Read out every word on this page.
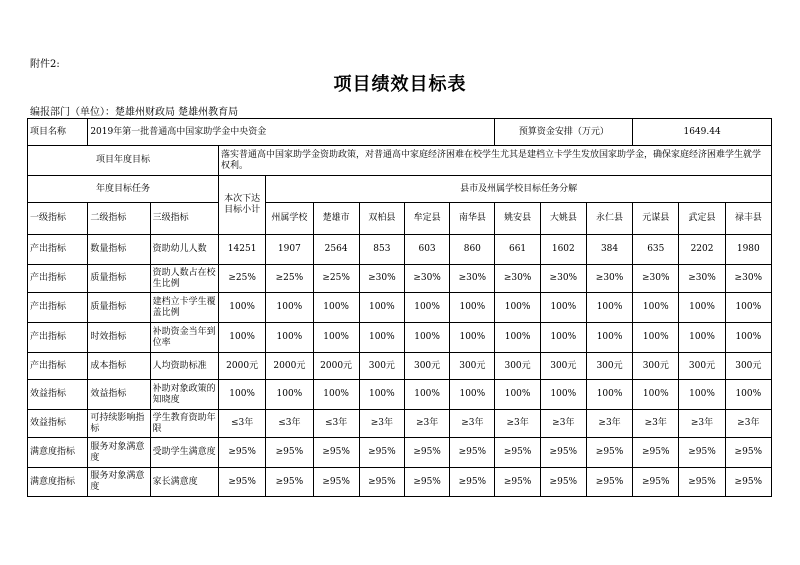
附件2:
项目绩效目标表
编报部门（单位）：楚雄州财政局 楚雄州教育局
项目名称	2019年第一批普通高中国家助学金中央资金								预算资金安排（万元）			1649.44		
项目年度目标			落实普通高中国家助学金资助政策，对普通高中家庭经济困难在校学生尤其是建档立卡学生发放国家助学金，确保家庭经济困难学生就学权利。											
年度目标任务			本次下达目标小计	县市及州属学校目标任务分解										
一级指标	二级指标	三级指标		州属学校	楚雄市	双柏县	牟定县	南华县	姚安县	大姚县	永仁县	元谋县	武定县	禄丰县
产出指标	数量指标	资助幼儿人数	14251	1907	2564	853	603	860	661	1602	384	635	2202	1980
产出指标	质量指标	资助人数占在校生比例	≥25%	≥25%	≥25%	≥30%	≥30%	≥30%	≥30%	≥30%	≥30%	≥30%	≥30%	≥30%
产出指标	质量指标	建档立卡学生覆盖比例	100%	100%	100%	100%	100%	100%	100%	100%	100%	100%	100%	100%
产出指标	时效指标	补助资金当年到位率	100%	100%	100%	100%	100%	100%	100%	100%	100%	100%	100%	100%
产出指标	成本指标	人均资助标准	2000元	2000元	2000元	300元	300元	300元	300元	300元	300元	300元	300元	300元
效益指标	效益指标	补助对象政策的知晓度	100%	100%	100%	100%	100%	100%	100%	100%	100%	100%	100%	100%
效益指标	可持续影响指标	学生教育资助年限	≤3年	≤3年	≤3年	≥3年	≥3年	≥3年	≥3年	≥3年	≥3年	≥3年	≥3年	≥3年
满意度指标	服务对象满意度	受助学生满意度	≥95%	≥95%	≥95%	≥95%	≥95%	≥95%	≥95%	≥95%	≥95%	≥95%	≥95%	≥95%
满意度指标	服务对象满意度	家长满意度	≥95%	≥95%	≥95%	≥95%	≥95%	≥95%	≥95%	≥95%	≥95%	≥95%	≥95%	≥95%
